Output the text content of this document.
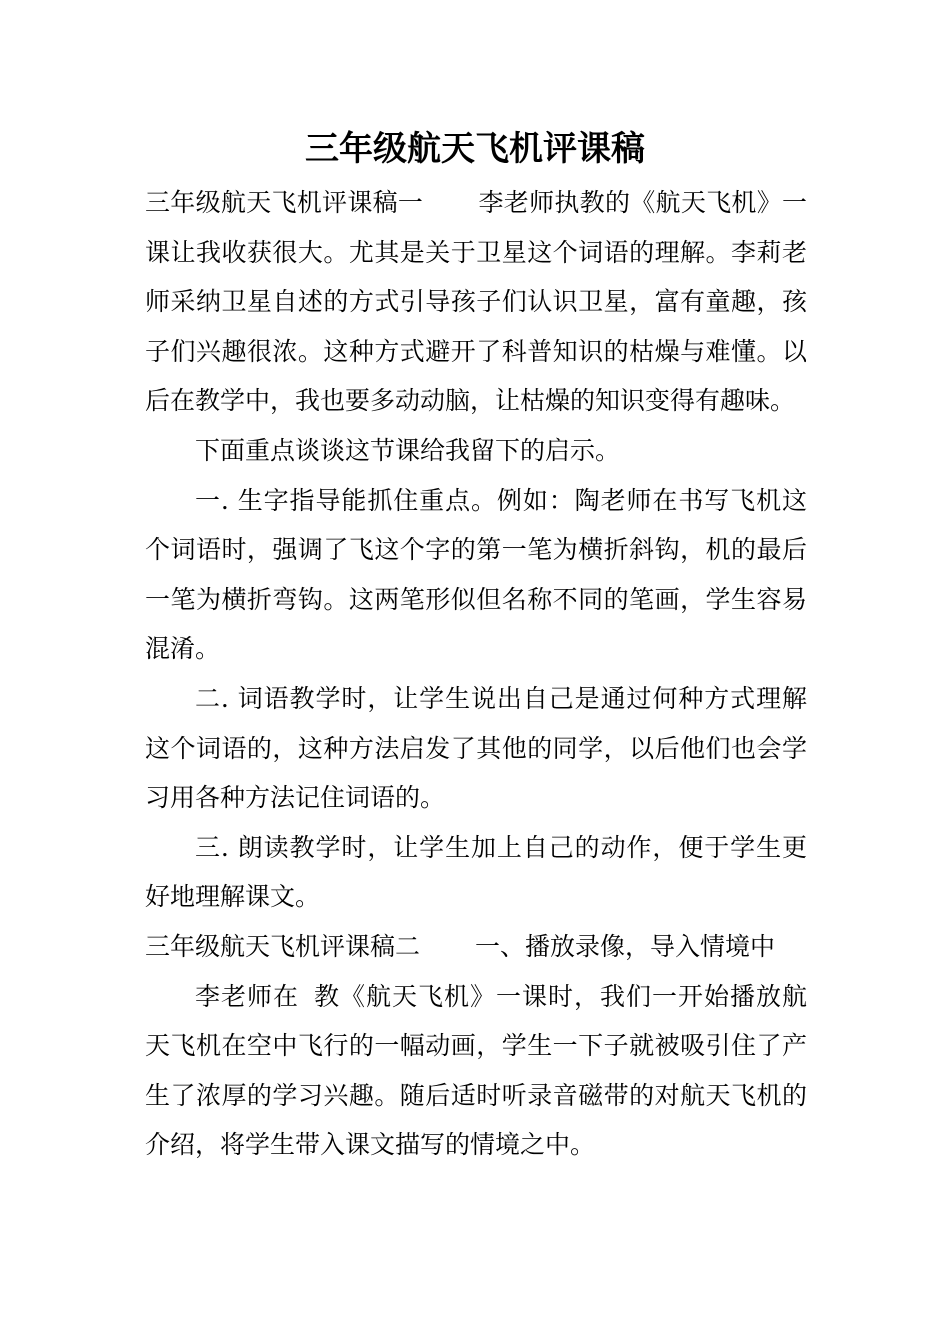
三年级航天飞机评课稿

三年级航天飞机评课稿一 李老师执教的《航天飞机》一课让我收获很大。尤其是关于卫星这个词语的理解。李莉老师采纳卫星自述的方式引导孩子们认识卫星，富有童趣，孩子们兴趣很浓。这种方式避开了科普知识的枯燥与难懂。以后在教学中，我也要多动动脑，让枯燥的知识变得有趣味。

下面重点谈谈这节课给我留下的启示。

一. 生字指导能抓住重点。例如：陶老师在书写飞机这个词语时，强调了飞这个字的第一笔为横折斜钩，机的最后一笔为横折弯钩。这两笔形似但名称不同的笔画，学生容易混淆。

二. 词语教学时，让学生说出自己是通过何种方式理解这个词语的，这种方法启发了其他的同学，以后他们也会学习用各种方法记住词语的。

三. 朗读教学时，让学生加上自己的动作，便于学生更好地理解课文。

三年级航天飞机评课稿二 一、播放录像，导入情境中

李老师在 教《航天飞机》一课时，我们一开始播放航天飞机在空中飞行的一幅动画，学生一下子就被吸引住了产生了浓厚的学习兴趣。随后适时听录音磁带的对航天飞机的介绍，将学生带入课文描写的情境之中。
